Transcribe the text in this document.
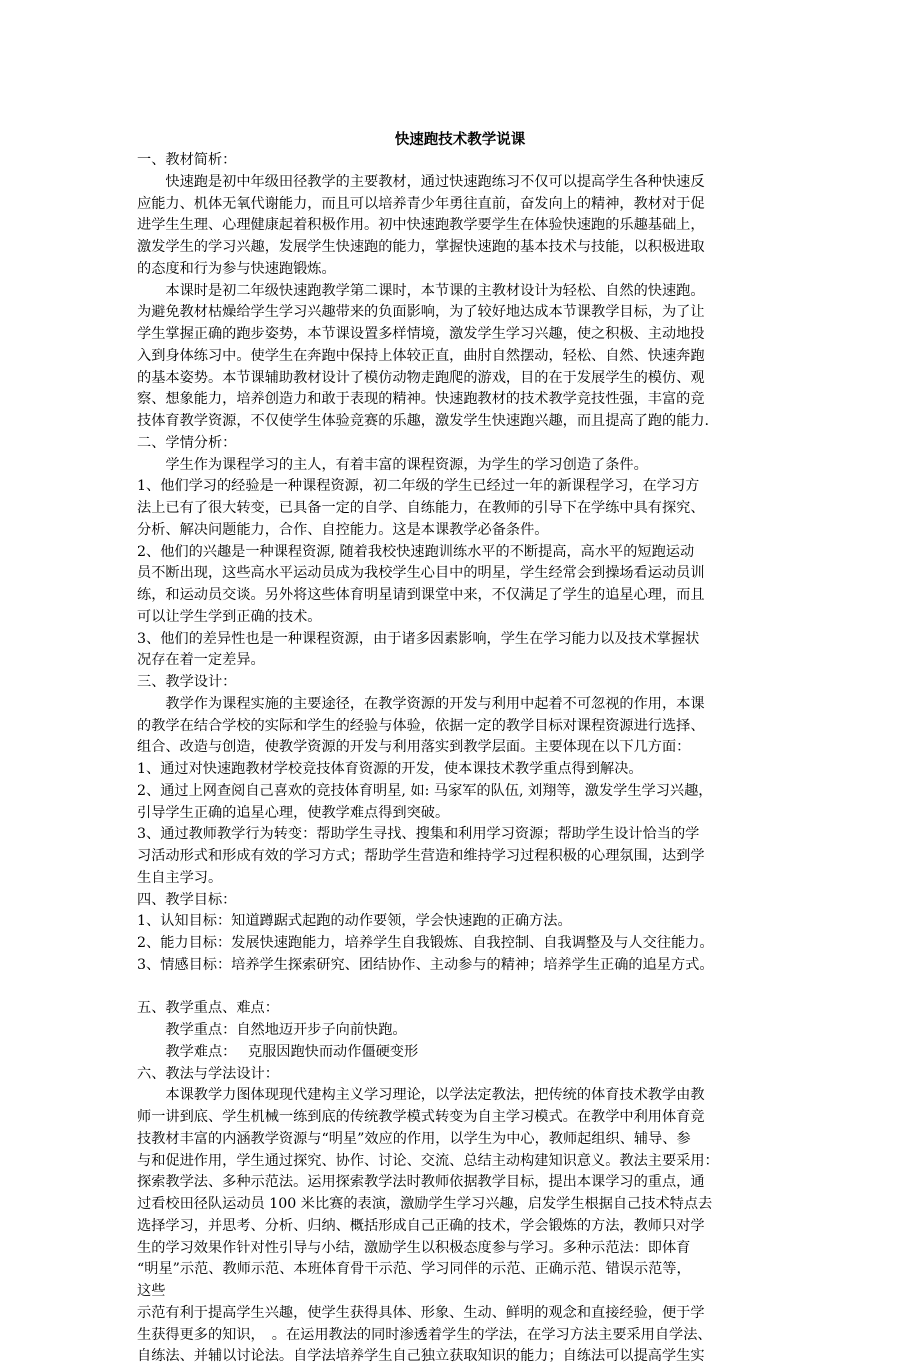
快速跑技术教学说课
一、教材简析：
　　快速跑是初中年级田径教学的主要教材，通过快速跑练习不仅可以提高学生各种快速反
应能力、机体无氧代谢能力，而且可以培养青少年勇往直前，奋发向上的精神，教材对于促
进学生生理、心理健康起着积极作用。初中快速跑教学要学生在体验快速跑的乐趣基础上，
激发学生的学习兴趣，发展学生快速跑的能力，掌握快速跑的基本技术与技能，以积极进取
的态度和行为参与快速跑锻炼。
　　本课时是初二年级快速跑教学第二课时，本节课的主教材设计为轻松、自然的快速跑。
为避免教材枯燥给学生学习兴趣带来的负面影响，为了较好地达成本节课教学目标，为了让
学生掌握正确的跑步姿势，本节课设置多样情境，激发学生学习兴趣，使之积极、主动地投
入到身体练习中。使学生在奔跑中保持上体较正直，曲肘自然摆动，轻松、自然、快速奔跑
的基本姿势。本节课辅助教材设计了模仿动物走跑爬的游戏，目的在于发展学生的模仿、观
察、想象能力，培养创造力和敢于表现的精神。快速跑教材的技术教学竞技性强，丰富的竞
技体育教学资源，不仅使学生体验竞赛的乐趣，激发学生快速跑兴趣，而且提高了跑的能力.
二、学情分析：
　　学生作为课程学习的主人，有着丰富的课程资源，为学生的学习创造了条件。
1、他们学习的经验是一种课程资源，初二年级的学生已经过一年的新课程学习，在学习方
法上已有了很大转变，已具备一定的自学、自练能力，在教师的引导下在学练中具有探究、
分析、解决问题能力，合作、自控能力。这是本课教学必备条件。
2、他们的兴趣是一种课程资源, 随着我校快速跑训练水平的不断提高，高水平的短跑运动
员不断出现，这些高水平运动员成为我校学生心目中的明星，学生经常会到操场看运动员训
练，和运动员交谈。另外将这些体育明星请到课堂中来，不仅满足了学生的追星心理，而且
可以让学生学到正确的技术。
3、他们的差异性也是一种课程资源，由于诸多因素影响，学生在学习能力以及技术掌握状
况存在着一定差异。
三、教学设计：
　　教学作为课程实施的主要途径，在教学资源的开发与利用中起着不可忽视的作用，本课
的教学在结合学校的实际和学生的经验与体验，依据一定的教学目标对课程资源进行选择、
组合、改造与创造，使教学资源的开发与利用落实到教学层面。主要体现在以下几方面：
1、通过对快速跑教材学校竞技体育资源的开发，使本课技术教学重点得到解决。
2、通过上网查阅自己喜欢的竞技体育明星, 如: 马家军的队伍, 刘翔等，激发学生学习兴趣，
引导学生正确的追星心理，使教学难点得到突破。
3、通过教师教学行为转变：帮助学生寻找、搜集和利用学习资源；帮助学生设计恰当的学
习活动形式和形成有效的学习方式；帮助学生营造和维持学习过程积极的心理氛围，达到学
生自主学习。
四、教学目标：
1、认知目标：知道蹲踞式起跑的动作要领，学会快速跑的正确方法。
2、能力目标：发展快速跑能力，培养学生自我锻炼、自我控制、自我调整及与人交往能力。
3、情感目标：培养学生探索研究、团结协作、主动参与的精神；培养学生正确的追星方式。
五、教学重点、难点：
　　教学重点：自然地迈开步子向前快跑。
　　教学难点：　 克服因跑快而动作僵硬变形
六、教法与学法设计：
　　本课教学力图体现现代建构主义学习理论，以学法定教法，把传统的体育技术教学由教
师一讲到底、学生机械一练到底的传统教学模式转变为自主学习模式。在教学中利用体育竞
技教材丰富的内涵教学资源与“明星”效应的作用，以学生为中心，教师起组织、辅导、参
与和促进作用，学生通过探究、协作、讨论、交流、总结主动构建知识意义。教法主要采用：
探索教学法、多种示范法。运用探索教学法时教师依据教学目标，提出本课学习的重点，通
过看校田径队运动员 100 米比赛的表演，激励学生学习兴趣，启发学生根据自己技术特点去
选择学习，并思考、分析、归纳、概括形成自己正确的技术，学会锻炼的方法，教师只对学
生的学习效果作针对性引导与小结，激励学生以积极态度参与学习。多种示范法：即体育
“明星”示范、教师示范、本班体育骨干示范、学习同伴的示范、正确示范、错误示范等，
这些
示范有利于提高学生兴趣，使学生获得具体、形象、生动、鲜明的观念和直接经验，便于学
生获得更多的知识，　。在运用教法的同时渗透着学生的学法，在学习方法主要采用自学法、
自练法、并辅以讨论法。自学法培养学生自己独立获取知识的能力；自练法可以提高学生实
